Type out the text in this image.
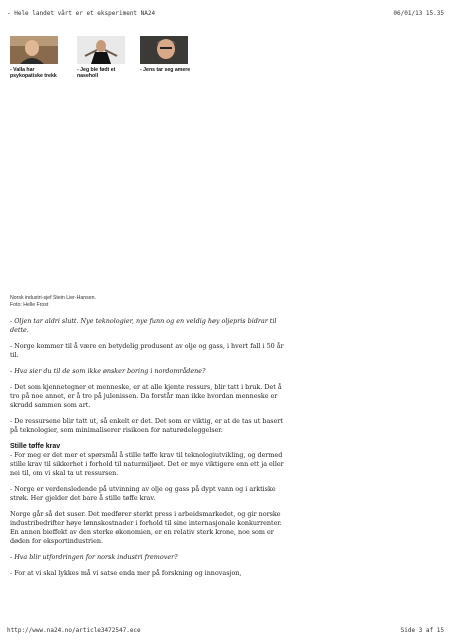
- Hele landet vårt er et eksperiment NA24	06/01/13 15.35
- Valla har psykopatiske trekk
- Jeg ble født et naseholl
- Jens tar seg amere
Norsk industri-sjef Stein Lier-Hansen.
Foto: Helle Frost

- Oljen tar aldri slutt. Nye teknologier, nye funn og en veldig høy oljepris bidrar til dette.

- Norge kommer til å være en betydelig produsent av olje og gass, i hvert fall i 50 år til.

- Hva sier du til de som ikke ønsker boring i nordområdene?

- Det som kjennetegner et menneske, er at alle kjente ressurs, blir tatt i bruk. Det å tro på noe annet, er å tro på julenissen. Da forstår man ikke hvordan menneske er skrudd sammen som art.

- De ressursene blir tatt ut, så enkelt er det. Det som er viktig, er at de tas ut basert på teknologier, som minimaliserer risikoen for naturødeleggelser.

Stille tøffe krav

- For meg er det mer et spørsmål å stille tøffe krav til teknologiutvikling, og dermed stille krav til sikkerhet i forhold til naturmiljøet. Det er mye viktigere enn ett ja eller nei til, om vi skal ta ut ressursen.

- Norge er verdensledende på utvinning av olje og gass på dypt vann og i arktiske strøk. Her gjelder det bare å stille tøffe krav.

Norge går så det suser. Det medfører sterkt press i arbeidsmarkedet, og gir norske industribedrifter høye lønnskostnader i forhold til sine internasjonale konkurrenter. En annen bieffekt av den sterke økonomien, er en relativ sterk krone, noe som er døden for eksportindustrien.

- Hva blir utfordringen for norsk industri fremover?

- For at vi skal lykkes må vi satse enda mer på forskning og innovasjon,

http://www.na24.no/article3472547.ece	Side 3 af 15
